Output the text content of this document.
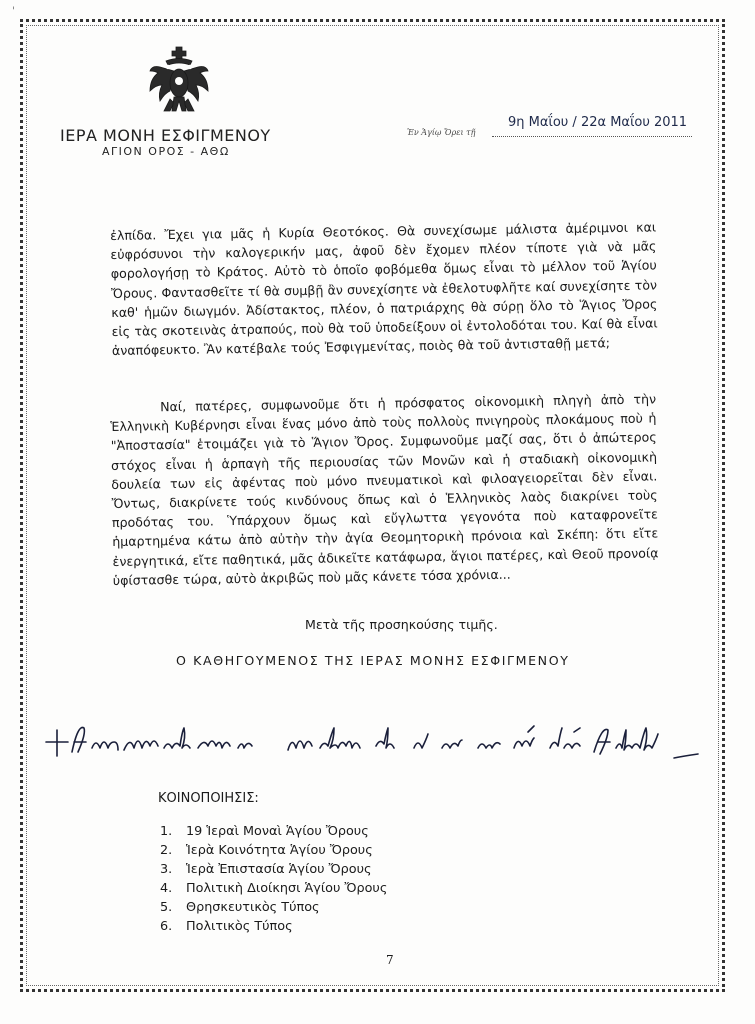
'
ΙΕΡΑ ΜΟΝΗ ΕΣΦΙΓΜΕΝΟΥ
ΑΓΙΟΝ ΟΡΟΣ - ΑΘΩ
Ἐν Ἁγίῳ Ὄρει τῇ
9η Μαΐου / 22α Μαΐου 2011
ἐλπίδα. Ἔχει για μᾶς ἡ Κυρία Θεοτόκος. Θὰ συνεχίσωμε μάλιστα ἀμέριμνοι και εὐφρόσυνοι τὴν καλογερικήν μας, ἀφοῦ δὲν ἔχομεν πλέον τίποτε γιὰ νὰ μᾶς φορολογήσῃ τὸ Κράτος. Αὐτὸ τὸ ὁποῖο φοβόμεθα ὅμως εἶναι τὸ μέλλον τοῦ Ἁγίου Ὄρους. Φαντασθεῖτε τί θὰ συμβῇ ἂν συνεχίσητε νὰ ἐθελοτυφλῆτε καί συνεχίσητε τὸν καθ' ἡμῶν διωγμόν. Ἀδίστακτος, πλέον, ὁ πατριάρχης θὰ σύρῃ ὅλο τὸ Ἅγιος Ὄρος εἰς τὰς σκοτεινὰς ἀτραπούς, ποὺ θὰ τοῦ ὑποδείξουν οἱ ἐντολοδόται του. Καί θὰ εἶναι ἀναπόφευκτο. Ἂν κατέβαλε τούς Ἐσφιγμενίτας, ποιὸς θὰ τοῦ ἀντισταθῇ μετά;
Ναί, πατέρες, συμφωνοῦμε ὅτι ἡ πρόσφατος οἰκονομικὴ πληγὴ ἀπὸ τὴν Ἑλληνικὴ Κυβέρνησι εἶναι ἕνας μόνο ἀπὸ τοὺς πολλοὺς πνιγηροὺς πλοκάμους ποὺ ἡ "Ἀποστασία" ἑτοιμάζει γιὰ τὸ Ἅγιον Ὄρος. Συμφωνοῦμε μαζί σας, ὅτι ὁ ἀπώτερος στόχος εἶναι ἡ ἁρπαγὴ τῆς περιουσίας τῶν Μονῶν καὶ ἡ σταδιακὴ οἰκονομικὴ δουλεία των εἰς ἀφέντας ποὺ μόνο πνευματικοὶ καὶ φιλοαγειορεῖται δὲν εἶναι. Ὄντως, διακρίνετε τούς κινδύνους ὅπως καὶ ὁ Ἑλληνικὸς λαὸς διακρίνει τοὺς προδότας του. Ὑπάρχουν ὅμως καὶ εὔγλωττα γεγονότα ποὺ καταφρονεῖτε ἡμαρτημένα κάτω ἀπὸ αὐτὴν τὴν ἁγία Θεομητορικὴ πρόνοια καὶ Σκέπη: ὅτι εἴτε ἐνεργητικά, εἴτε παθητικά, μᾶς ἀδικεῖτε κατάφωρα, ἅγιοι πατέρες, καὶ Θεοῦ προνοίᾳ ὑφίστασθε τώρα, αὐτὸ ἀκριβῶς ποὺ μᾶς κάνετε τόσα χρόνια...
Μετὰ τῆς προσηκούσης τιμῆς.
Ο ΚΑΘΗΓΟΥΜΕΝΟΣ ΤΗΣ ΙΕΡΑΣ ΜΟΝΗΣ ΕΣΦΙΓΜΕΝΟΥ
ΚΟΙΝΟΠΟΙΗΣΙΣ:
1. 19 Ἱεραὶ Μοναὶ Ἁγίου Ὄρους
2. Ἱερὰ Κοινότητα Ἁγίου Ὄρους
3. Ἱερὰ Ἐπιστασία Ἁγίου Ὄρους
4. Πολιτικὴ Διοίκησι Ἁγίου Ὄρους
5. Θρησκευτικὸς Τύπος
6. Πολιτικὸς Τύπος
7
